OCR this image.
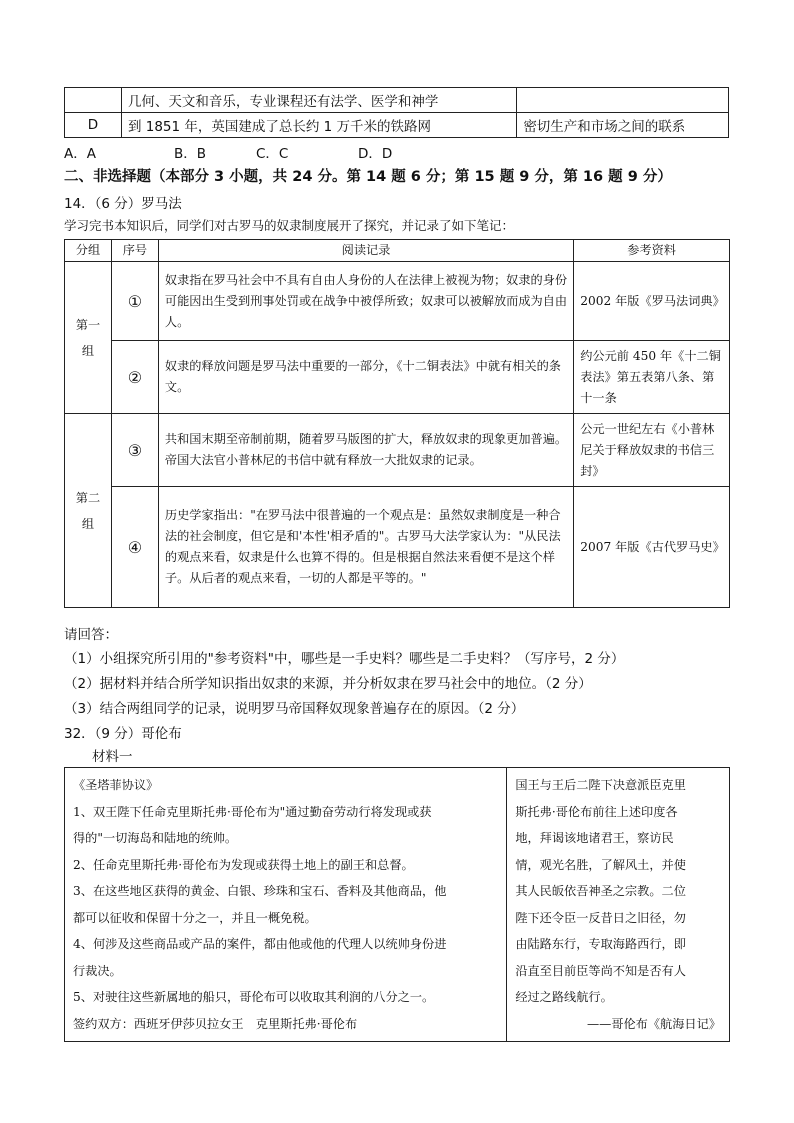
	几何、天文和音乐，专业课程还有法学、医学和神学	
D	到 1851 年，英国建成了总长约 1 万千米的铁路网	密切生产和市场之间的联系
A．A	B．B	C．C	D．D
二、非选择题（本部分 3 小题，共 24 分。第 14 题 6 分；第 15 题 9 分，第 16 题 9 分）
14．（6 分）罗马法
学习完书本知识后，同学们对古罗马的奴隶制度展开了探究，并记录了如下笔记：
分组	序号	阅读记录	参考资料
第一组	①	奴隶指在罗马社会中不具有自由人身份的人在法律上被视为物；奴隶的身份可能因出生受到刑事处罚或在战争中被俘所致；奴隶可以被解放而成为自由人。	2002 年版《罗马法词典》
	②	奴隶的释放问题是罗马法中重要的一部分，《十二铜表法》中就有相关的条文。	约公元前 450 年《十二铜表法》第五表第八条、第十一条
第二组	③	共和国末期至帝制前期，随着罗马版图的扩大，释放奴隶的现象更加普遍。帝国大法官小普林尼的书信中就有释放一大批奴隶的记录。	公元一世纪左右《小普林尼关于释放奴隶的书信三封》
	④	历史学家指出："在罗马法中很普遍的一个观点是：虽然奴隶制度是一种合法的社会制度，但它是和'本性'相矛盾的"。古罗马大法学家认为："从民法的观点来看，奴隶是什么也算不得的。但是根据自然法来看便不是这个样子。从后者的观点来看，一切的人都是平等的。"	2007 年版《古代罗马史》
请回答：
（1）小组探究所引用的"参考资料"中，哪些是一手史料？哪些是二手史料？（写序号，2 分）
（2）据材料并结合所学知识指出奴隶的来源，并分析奴隶在罗马社会中的地位。（2 分）
（3）结合两组同学的记录，说明罗马帝国释奴现象普遍存在的原因。（2 分）
32．（9 分）哥伦布
材料一
《圣塔菲协议》
1、双王陛下任命克里斯托弗·哥伦布为"通过勤奋劳动行将发现或获
得的"一切海岛和陆地的统帅。
2、任命克里斯托弗·哥伦布为发现或获得土地上的副王和总督。
3、在这些地区获得的黄金、白银、珍珠和宝石、香料及其他商品，他
都可以征收和保留十分之一，并且一概免税。
4、何涉及这些商品或产品的案件，都由他或他的代理人以统帅身份进
行裁决。
5、对驶往这些新属地的船只，哥伦布可以收取其利润的八分之一。
签约双方：西班牙伊莎贝拉女王　克里斯托弗·哥伦布

国王与王后二陛下决意派臣克里
斯托弗·哥伦布前往上述印度各
地，拜谒该地诸君王，察访民
情，观光名胜，了解风土，并使
其人民皈依吾神圣之宗教。二位
陛下还令臣一反昔日之旧径，勿
由陆路东行，专取海路西行，即
沿直至目前臣等尚不知是否有人
经过之路线航行。
——哥伦布《航海日记》
